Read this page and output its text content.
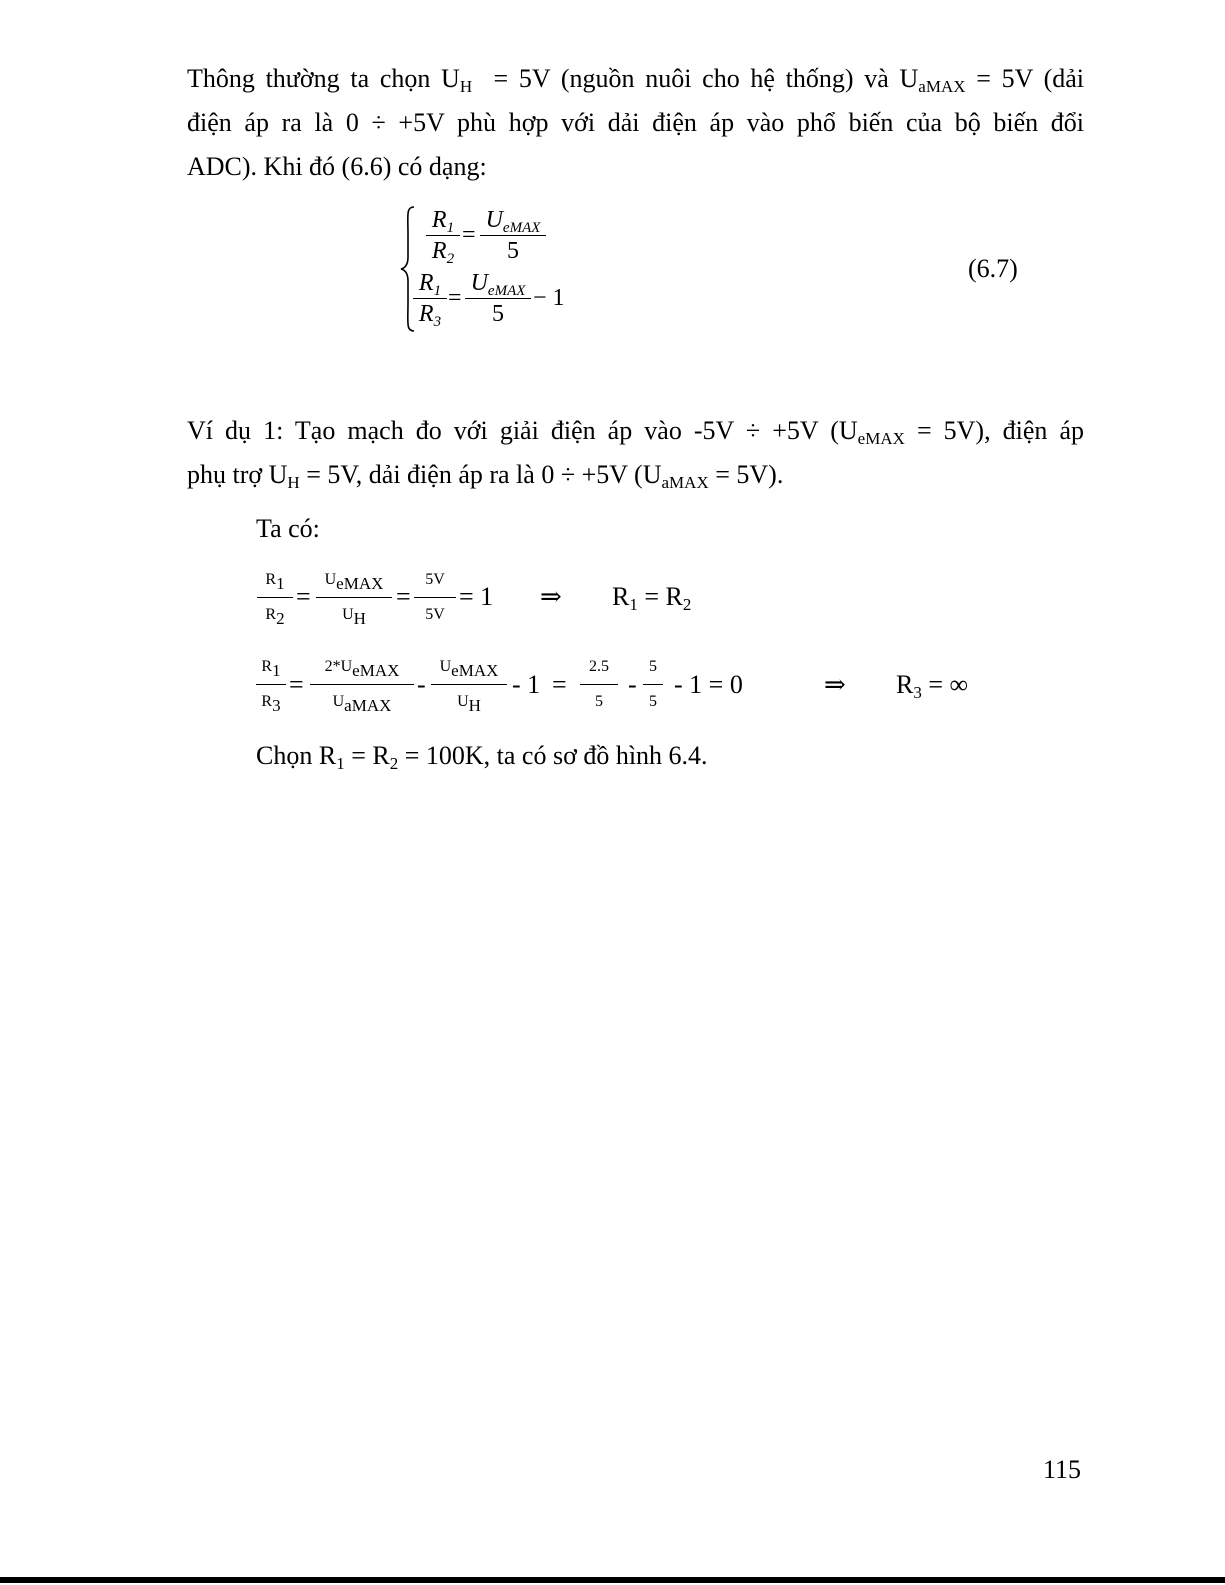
Thông thường ta chọn $U_H = 5V$ (nguồn nuôi cho hệ thống) và $U_{aMAX} = 5V$ (dải
điện áp ra là 0 ÷ +5V phù hợp với dải điện áp vào phổ biến của bộ biến đổi
ADC). Khi đó (6.6) có dạng:
$\frac{R_1}{R_2}$ =
$U_{eMAX}$
5
$\frac{R_1}{R_3}$ =
$U_{eMAX}$
5
− 1
(6.7)
Ví dụ 1: Tạo mạch đo với giải điện áp vào -5V ÷ +5V $(U_{eMAX} = 5V)$, điện áp
phụ trợ $U_H = 5V$, dải điện áp ra là 0 ÷ +5V $(U_{aMAX} = 5V)$.
Ta có:
$\frac{R_1}{R_2}$ =
$U_{eMAX}$
$U_H$
= $\frac{5V}{5V} = 1$ ⇒ $R_1 = R_2$
$\frac{R_1}{R_3}$ =
$2*U_{eMAX}$
$U_{aMAX}$
-
$U_{eMAX}$
$U_H$
- $1 = \frac{2.5}{5} - \frac{5}{5} - 1 = 0$	⇒ $R_3$ = ∞
Chọn $R_1 = R_2 = 100K$, ta có sơ đồ hình 6.4.
115
